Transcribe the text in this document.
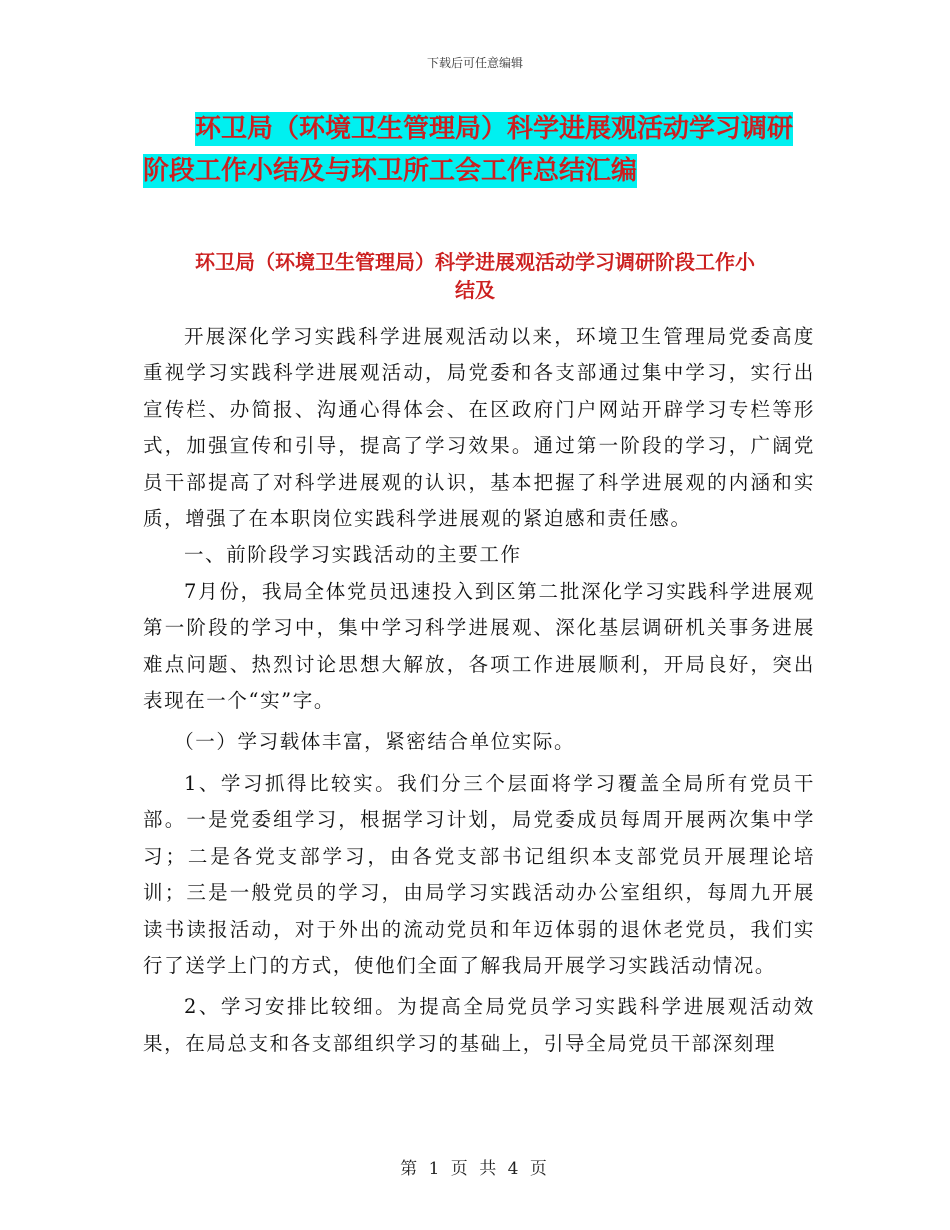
下载后可任意编辑
环卫局（环境卫生管理局）科学进展观活动学习调研
阶段工作小结及与环卫所工会工作总结汇编
环卫局（环境卫生管理局）科学进展观活动学习调研阶段工作小
结及

开展深化学习实践科学进展观活动以来，环境卫生管理局党委高度重视学习实践科学进展观活动，局党委和各支部通过集中学习，实行出宣传栏、办简报、沟通心得体会、在区政府门户网站开辟学习专栏等形式，加强宣传和引导，提高了学习效果。通过第一阶段的学习，广阔党员干部提高了对科学进展观的认识，基本把握了科学进展观的内涵和实质，增强了在本职岗位实践科学进展观的紧迫感和责任感。

一、前阶段学习实践活动的主要工作

7月份，我局全体党员迅速投入到区第二批深化学习实践科学进展观第一阶段的学习中，集中学习科学进展观、深化基层调研机关事务进展难点问题、热烈讨论思想大解放，各项工作进展顺利，开局良好，突出表现在一个“实”字。

（一）学习载体丰富，紧密结合单位实际。

1、学习抓得比较实。我们分三个层面将学习覆盖全局所有党员干部。一是党委组学习，根据学习计划，局党委成员每周开展两次集中学习；二是各党支部学习，由各党支部书记组织本支部党员开展理论培训；三是一般党员的学习，由局学习实践活动办公室组织，每周九开展读书读报活动，对于外出的流动党员和年迈体弱的退休老党员，我们实行了送学上门的方式，使他们全面了解我局开展学习实践活动情况。

2、学习安排比较细。为提高全局党员学习实践科学进展观活动效果，在局总支和各支部组织学习的基础上，引导全局党员干部深刻理

第 1 页 共 4 页
